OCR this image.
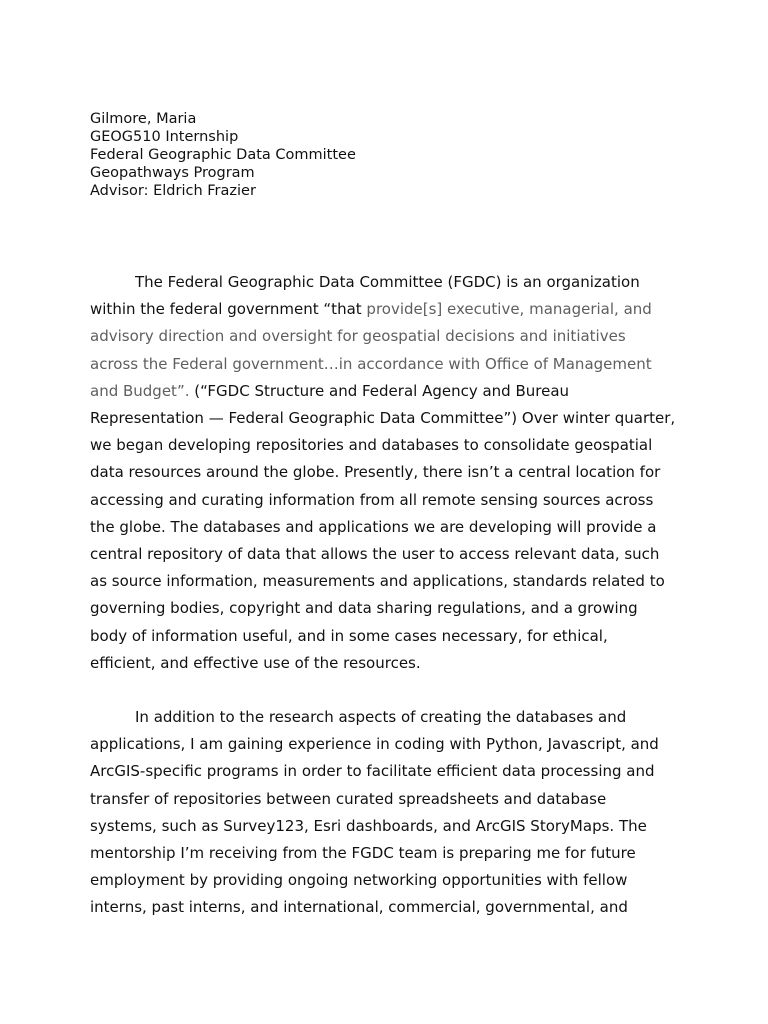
Gilmore, Maria
GEOG510 Internship
Federal Geographic Data Committee
Geopathways Program
Advisor: Eldrich Frazier

The Federal Geographic Data Committee (FGDC) is an organization within the federal government “that provide[s] executive, managerial, and advisory direction and oversight for geospatial decisions and initiatives across the Federal government…in accordance with Office of Management and Budget”. (“FGDC Structure and Federal Agency and Bureau Representation — Federal Geographic Data Committee”) Over winter quarter, we began developing repositories and databases to consolidate geospatial data resources around the globe. Presently, there isn’t a central location for accessing and curating information from all remote sensing sources across the globe. The databases and applications we are developing will provide a central repository of data that allows the user to access relevant data, such as source information, measurements and applications, standards related to governing bodies, copyright and data sharing regulations, and a growing body of information useful, and in some cases necessary, for ethical, efficient, and effective use of the resources.

In addition to the research aspects of creating the databases and applications, I am gaining experience in coding with Python, Javascript, and ArcGIS-specific programs in order to facilitate efficient data processing and transfer of repositories between curated spreadsheets and database systems, such as Survey123, Esri dashboards, and ArcGIS StoryMaps. The mentorship I’m receiving from the FGDC team is preparing me for future employment by providing ongoing networking opportunities with fellow interns, past interns, and international, commercial, governmental, and
